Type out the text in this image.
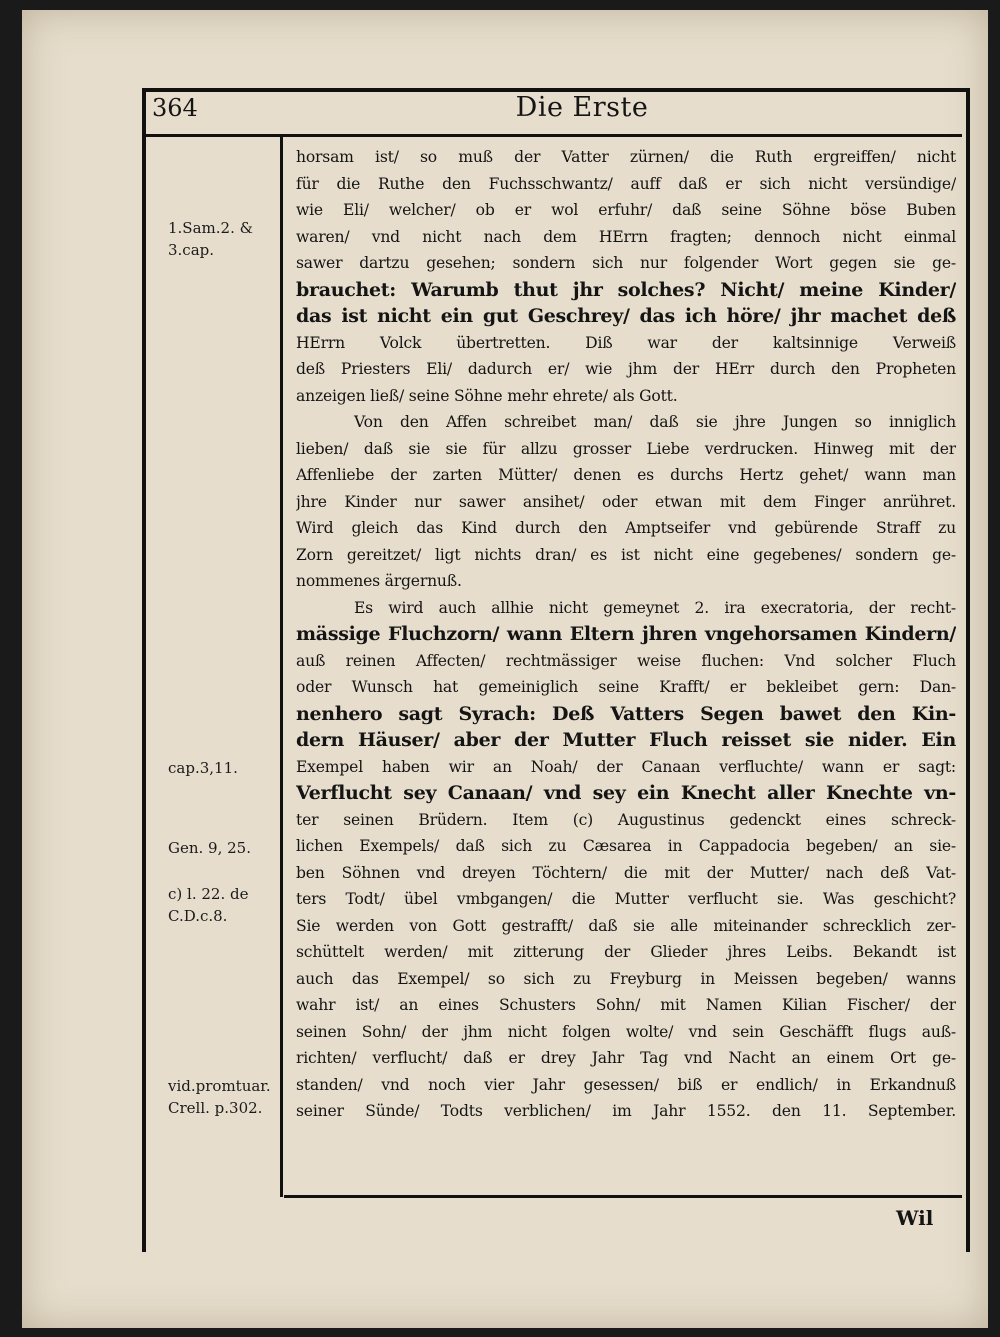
364	Die Erste
1.Sam.2. & 3.cap.
cap.3,11.
Gen. 9, 25.
c) l. 22. de C.D.c.8.
vid.promtuar. Crell. p.302.
horsam ist/ so muß der Vatter zürnen/ die Ruth ergreiffen/ nicht
für die Ruthe den Fuchsschwantz/ auff daß er sich nicht versündige/
wie Eli/ welcher/ ob er wol erfuhr/ daß seine Söhne böse Buben
waren/ vnd nicht nach dem HErrn fragten; dennoch nicht einmal
sawer dartzu gesehen; sondern sich nur folgender Wort gegen sie ge-
brauchet: Warumb thut jhr solches? Nicht/ meine Kinder/
das ist nicht ein gut Geschrey/ das ich höre/ jhr machet deß
HErrn Volck übertretten. Diß war der kaltsinnige Verweiß
deß Priesters Eli/ dadurch er/ wie jhm der HErr durch den Propheten
anzeigen ließ/ seine Söhne mehr ehrete/ als Gott.
Von den Affen schreibet man/ daß sie jhre Jungen so inniglich
lieben/ daß sie sie für allzu grosser Liebe verdrucken. Hinweg mit der
Affenliebe der zarten Mütter/ denen es durchs Hertz gehet/ wann man
jhre Kinder nur sawer ansihet/ oder etwan mit dem Finger anrühret.
Wird gleich das Kind durch den Amptseifer vnd gebürende Straff zu
Zorn gereitzet/ ligt nichts dran/ es ist nicht eine gegebenes/ sondern ge-
nommenes ärgernuß.
Es wird auch allhie nicht gemeynet 2. ira execratoria, der recht-
mässige Fluchzorn/ wann Eltern jhren vngehorsamen Kindern/
auß reinen Affecten/ rechtmässiger weise fluchen: Vnd solcher Fluch
oder Wunsch hat gemeiniglich seine Krafft/ er bekleibet gern: Dan-
nenhero sagt Syrach: Deß Vatters Segen bawet den Kin-
dern Häuser/ aber der Mutter Fluch reisset sie nider. Ein
Exempel haben wir an Noah/ der Canaan verfluchte/ wann er sagt:
Verflucht sey Canaan/ vnd sey ein Knecht aller Knechte vn-
ter seinen Brüdern. Item (c) Augustinus gedenckt eines schreck-
lichen Exempels/ daß sich zu Cæsarea in Cappadocia begeben/ an sie-
ben Söhnen vnd dreyen Töchtern/ die mit der Mutter/ nach deß Vat-
ters Todt/ übel vmbgangen/ die Mutter verflucht sie. Was geschicht?
Sie werden von Gott gestrafft/ daß sie alle miteinander schrecklich zer-
schüttelt werden/ mit zitterung der Glieder jhres Leibs. Bekandt ist
auch das Exempel/ so sich zu Freyburg in Meissen begeben/ wanns
wahr ist/ an eines Schusters Sohn/ mit Namen Kilian Fischer/ der
seinen Sohn/ der jhm nicht folgen wolte/ vnd sein Geschäfft flugs auß-
richten/ verflucht/ daß er drey Jahr Tag vnd Nacht an einem Ort ge-
standen/ vnd noch vier Jahr gesessen/ biß er endlich/ in Erkandnuß
seiner Sünde/ Todts verblichen/ im Jahr 1552. den 11. September.
Wil
